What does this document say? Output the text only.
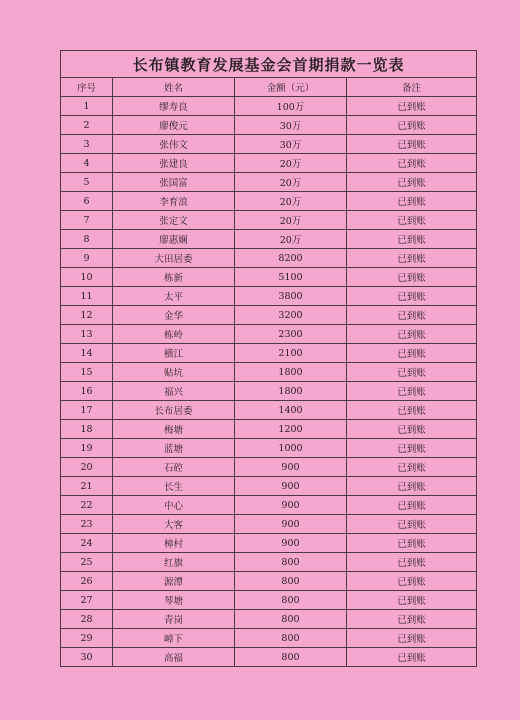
长布镇教育发展基金会首期捐款一览表			
序号	姓名	金额（元）	备注
1	缪寿良	100万	已到账
2	廖俊元	30万	已到账
3	张伟文	30万	已到账
4	张建良	20万	已到账
5	张国富	20万	已到账
6	李育浪	20万	已到账
7	张定文	20万	已到账
8	廖惠娴	20万	已到账
9	大田居委	8200	已到账
10	栋新	5100	已到账
11	太平	3800	已到账
12	金华	3200	已到账
13	栋岭	2300	已到账
14	横江	2100	已到账
15	贴坑	1800	已到账
16	福兴	1800	已到账
17	长布居委	1400	已到账
18	梅塘	1200	已到账
19	蓝塘	1000	已到账
20	石硿	900	已到账
21	长生	900	已到账
22	中心	900	已到账
23	大客	900	已到账
24	樟村	900	已到账
25	红旗	800	已到账
26	源潭	800	已到账
27	琴塘	800	已到账
28	青岗	800	已到账
29	嶂下	800	已到账
30	高福	800	已到账
